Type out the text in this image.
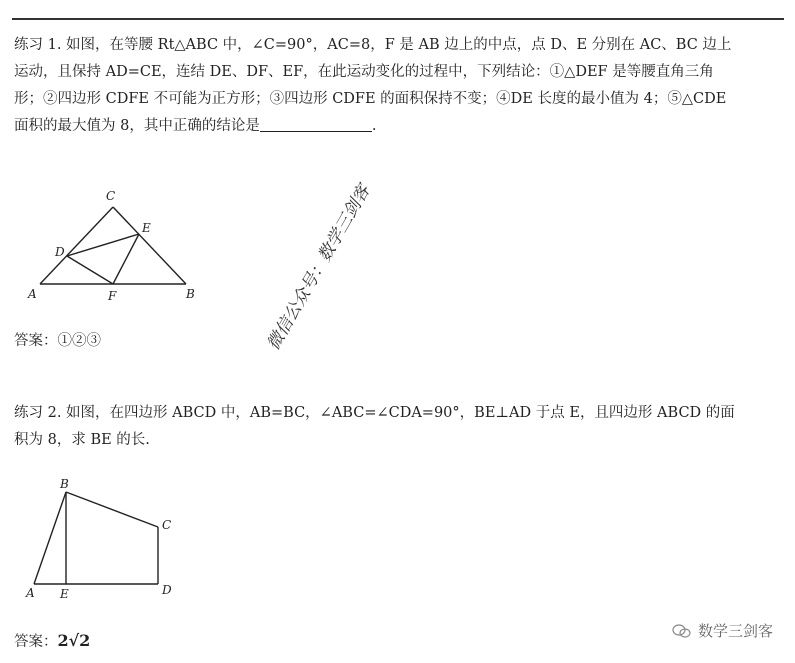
练习 1. 如图，在等腰 Rt△ABC 中，∠C=90°，AC=8，F 是 AB 边上的中点，点 D、E 分别在 AC、BC 边上
运动，且保持 AD=CE，连结 DE、DF、EF，在此运动变化的过程中，下列结论：①△DEF 是等腰直角三角
形；②四边形 CDFE 不可能为正方形；③四边形 CDFE 的面积保持不变；④DE 长度的最小值为 4；⑤△CDE
面积的最大值为 8，其中正确的结论是	.
C
E
D
A	F	B
B
C
D
A E
答案：①②③	微信公众号：数学三剑客
练习 2. 如图，在四边形 ABCD 中，AB=BC，∠ABC=∠CDA=90°，BE⊥AD 于点 E，且四边形 ABCD 的面
积为 8，求 BE 的长.
答案：2√2	数学三剑客
